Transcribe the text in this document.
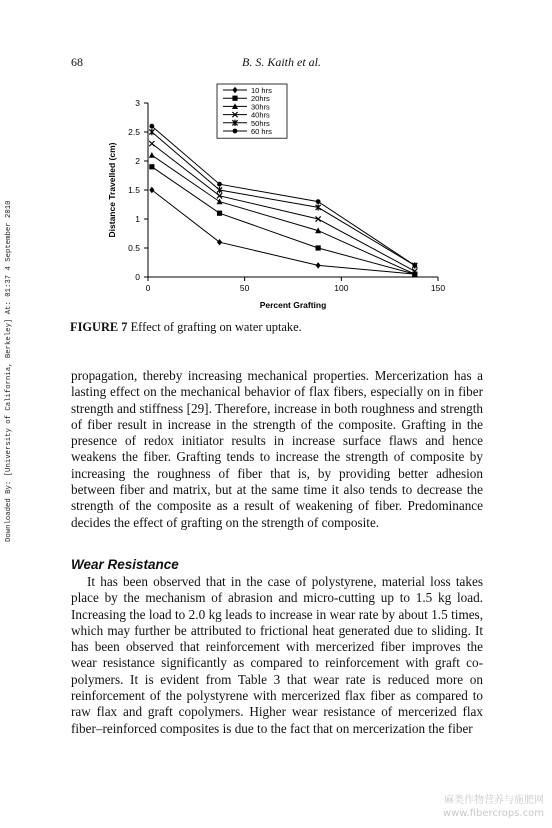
68	B. S. Kaith et al.
Downloaded By: [University of California, Berkeley] At: 01:37 4 September 2010	0
0.5
1
1.5
2
2.5
3
0	50	100	150
Percent Grafting
Distance Travelled (cm)
10 hrs
20hrs
30hrs
40hrs
50hrs
60 hrs
FIGURE 7 Effect of grafting on water uptake.

propagation, thereby increasing mechanical properties. Mercerization has a lasting effect on the mechanical behavior of flax fibers, especially on in fiber strength and stiffness [29]. Therefore, increase in both roughness and strength of fiber result in increase in the strength of the composite. Grafting in the presence of redox initiator results in increase surface flaws and hence weakens the fiber. Grafting tends to increase the strength of composite by increasing the roughness of fiber that is, by providing better adhesion between fiber and matrix, but at the same time it also tends to decrease the strength of the composite as a result of weakening of fiber. Predominance decides the effect of grafting on the strength of composite.

Wear Resistance

It has been observed that in the case of polystyrene, material loss takes place by the mechanism of abrasion and micro-cutting up to 1.5 kg load. Increasing the load to 2.0 kg leads to increase in wear rate by about 1.5 times, which may further be attributed to frictional heat generated due to sliding. It has been observed that reinforcement with mercerized fiber improves the wear resistance significantly as compared to reinforcement with graft co-polymers. It is evident from Table 3 that wear rate is reduced more on reinforcement of the polystyrene with mercerized flax fiber as compared to raw flax and graft copolymers. Higher wear resistance of mercerized flax fiber–reinforced composites is due to the fact that on mercerization the fiber

麻类作物营养与施肥网
www.fibercrops.com
